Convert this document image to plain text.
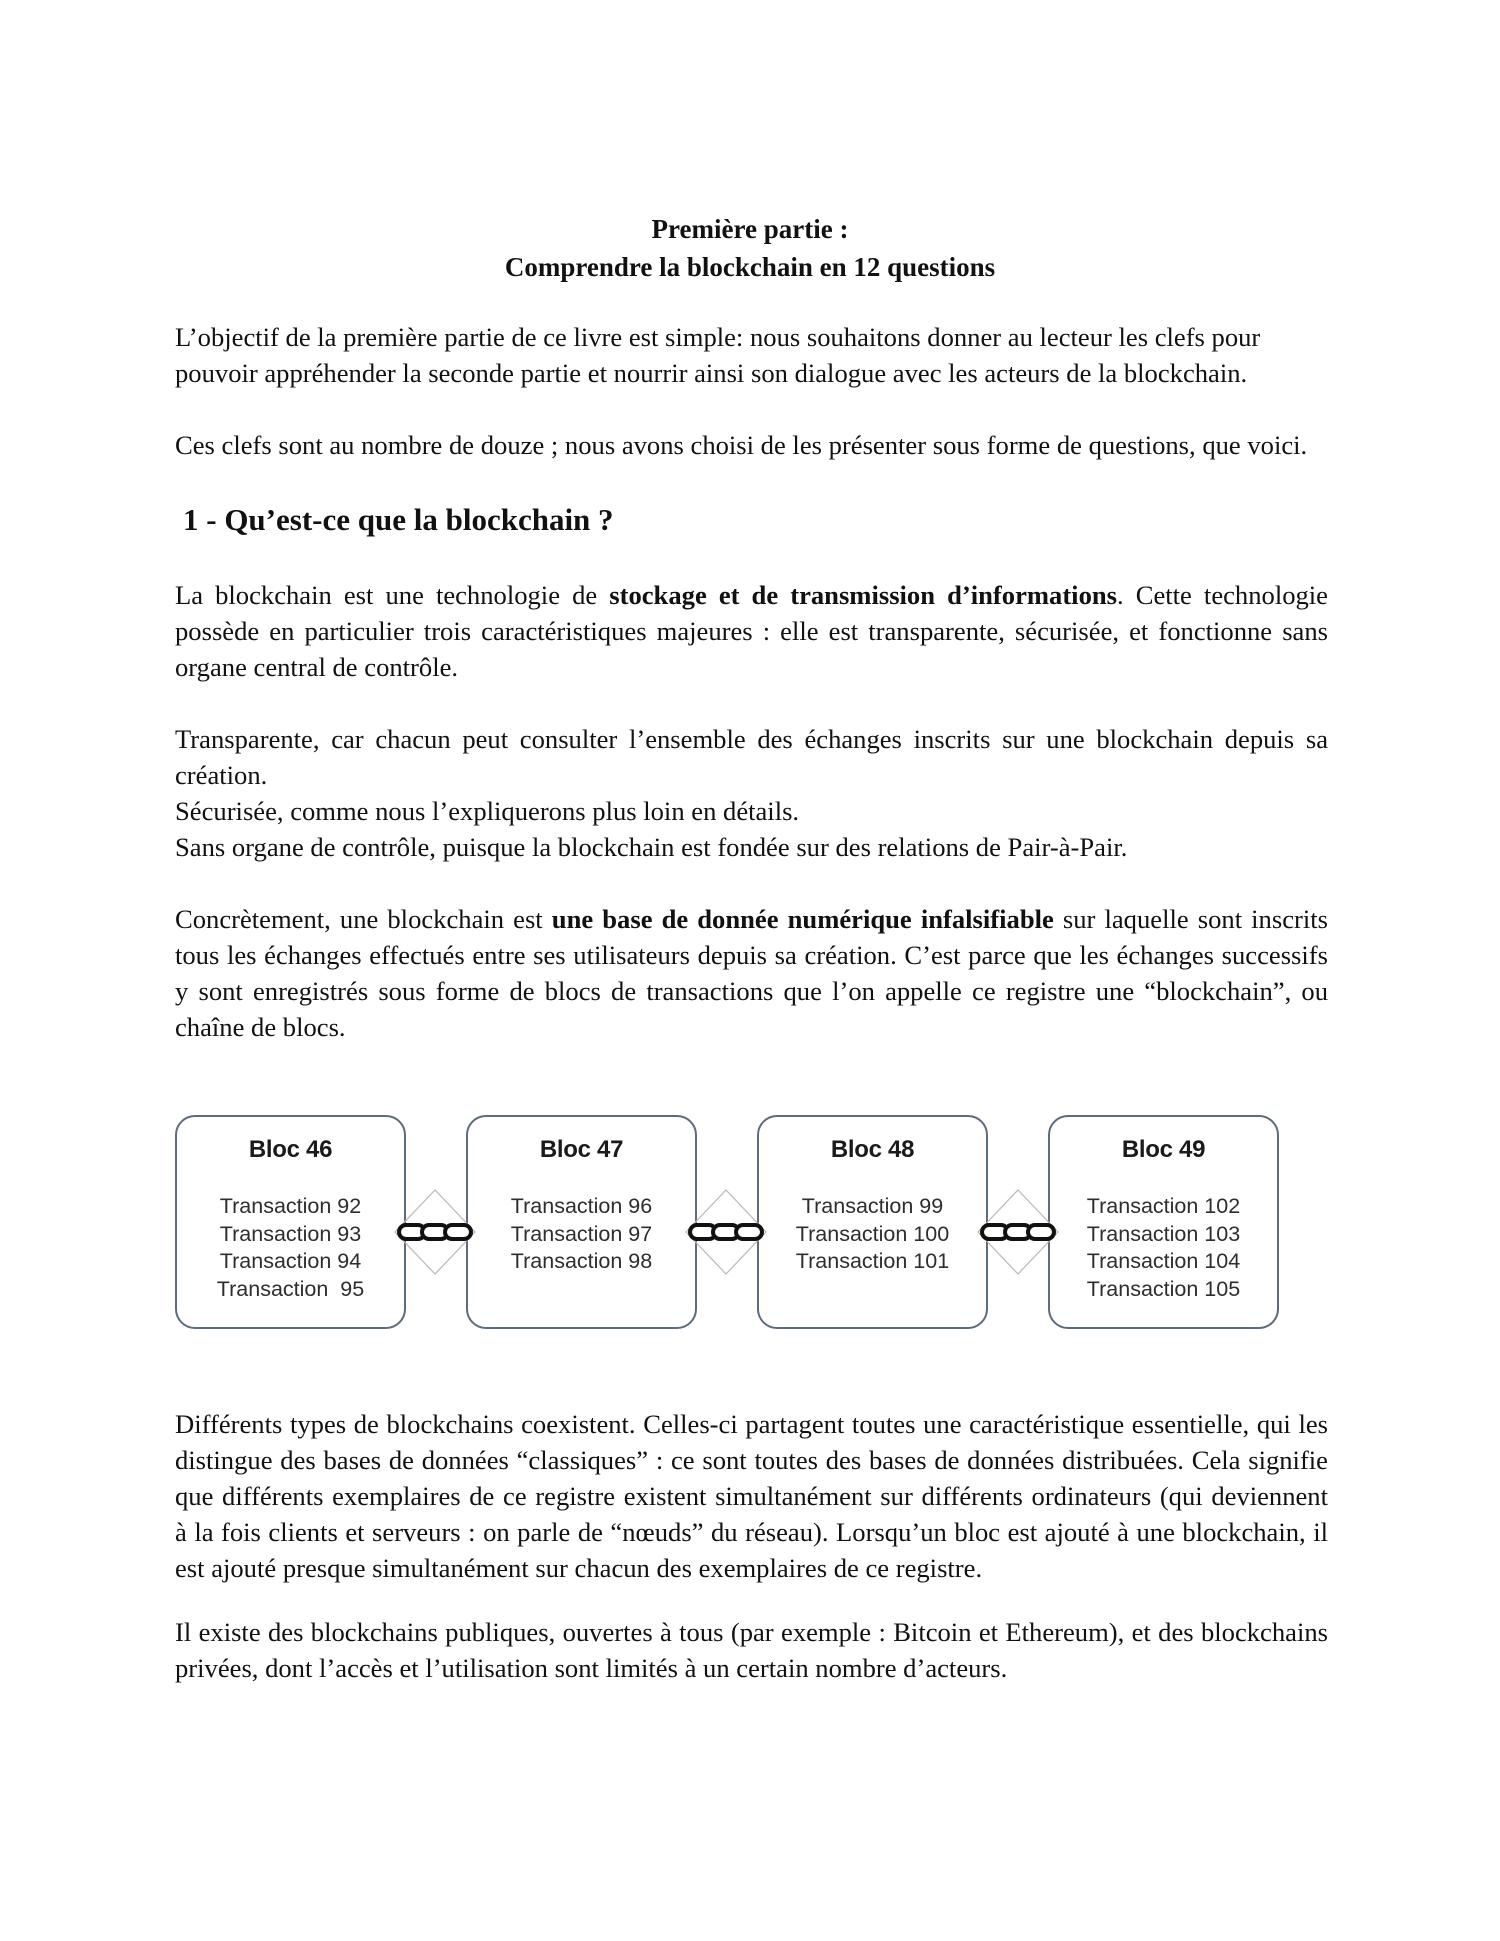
Première partie :
Comprendre la blockchain en 12 questions
L’objectif de la première partie de ce livre est simple: nous souhaitons donner au lecteur les clefs pour
pouvoir appréhender la seconde partie et nourrir ainsi son dialogue avec les acteurs de la blockchain.
Ces clefs sont au nombre de douze ; nous avons choisi de les présenter sous forme de questions, que voici.
1 - Qu’est-ce que la blockchain ?
La blockchain est une technologie de stockage et de transmission d’informations. Cette technologie
possède en particulier trois caractéristiques majeures : elle est transparente, sécurisée, et fonctionne sans
organe central de contrôle.
Transparente, car chacun peut consulter l’ensemble des échanges inscrits sur une blockchain depuis sa
création.
Sécurisée, comme nous l’expliquerons plus loin en détails.
Sans organe de contrôle, puisque la blockchain est fondée sur des relations de Pair-à-Pair.
Concrètement, une blockchain est une base de donnée numérique infalsifiable sur laquelle sont inscrits
tous les échanges effectués entre ses utilisateurs depuis sa création. C’est parce que les échanges successifs
y sont enregistrés sous forme de blocs de transactions que l’on appelle ce registre une “blockchain”, ou
chaîne de blocs.
Bloc 46
Transaction 92
Transaction 93
Transaction 94
Transaction  95
Bloc 47
Transaction 96
Transaction 97
Transaction 98
Bloc 48
Transaction 99
Transaction 100
Transaction 101
Bloc 49
Transaction 102
Transaction 103
Transaction 104
Transaction 105
Différents types de blockchains coexistent. Celles-ci partagent toutes une caractéristique essentielle, qui les
distingue des bases de données “classiques” : ce sont toutes des bases de données distribuées. Cela signifie
que différents exemplaires de ce registre existent simultanément sur différents ordinateurs (qui deviennent
à la fois clients et serveurs : on parle de “nœuds” du réseau). Lorsqu’un bloc est ajouté à une blockchain, il
est ajouté presque simultanément sur chacun des exemplaires de ce registre.
Il existe des blockchains publiques, ouvertes à tous (par exemple : Bitcoin et Ethereum), et des blockchains
privées, dont l’accès et l’utilisation sont limités à un certain nombre d’acteurs.
